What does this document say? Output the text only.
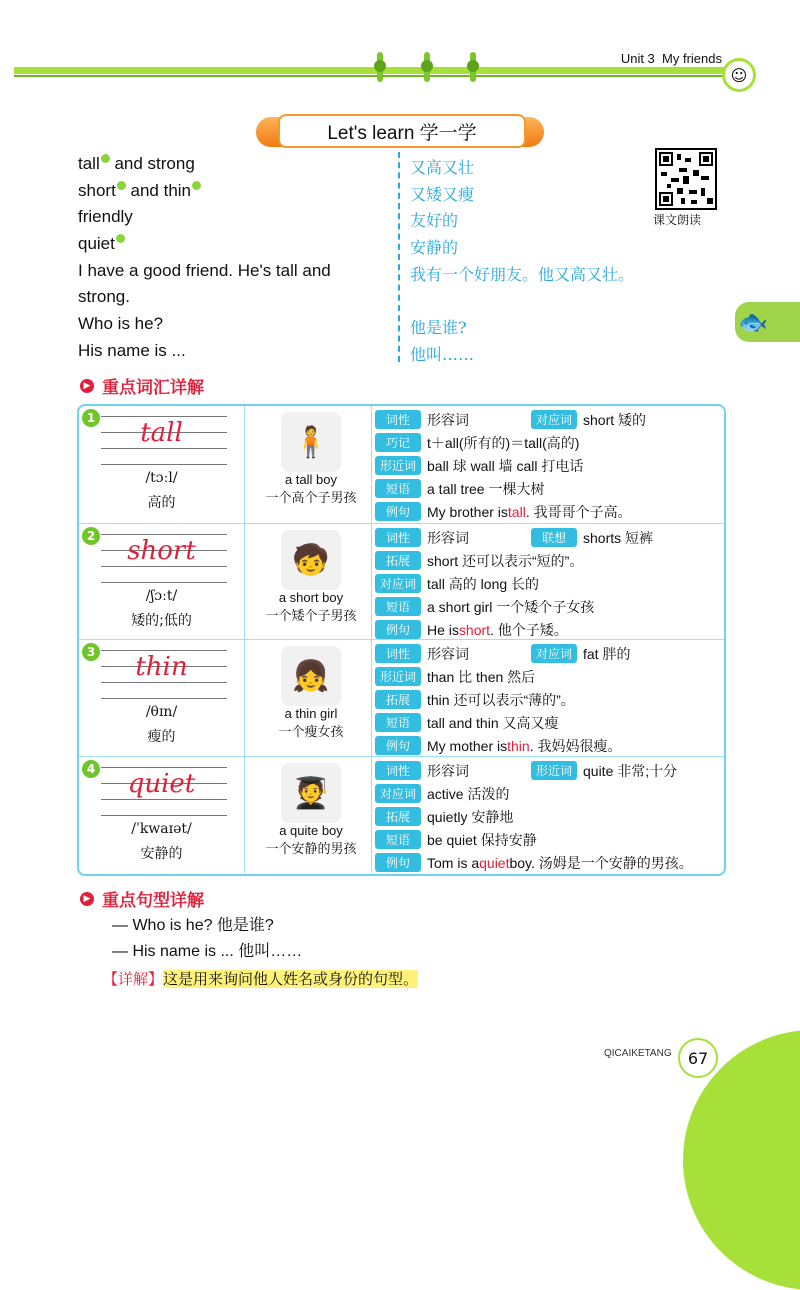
Unit 3 My friends
☺
Let's learn 学一学
tall and strong	又高又壮
short and thin	又矮又瘦
friendly	友好的
quiet	安静的
I have a good friend. He's tall and	我有一个好朋友。他又高又壮。
strong.
Who is he?	他是谁?
His name is ...	他叫……
课文朗读
🐟
▶ 重点词汇详解
1	tall
/tɔːl/
高的
🧍
a tall boy
一个高个子男孩
词性	形容词	对应词 short 矮的
巧记	t＋all(所有的)＝tall(高的)
形近词 ball 球 wall 墙 call 打电话
短语	a tall tree 一棵大树
例句	My brother is tall . 我哥哥个子高。
2	short
/ʃɔːt/
矮的;低的
🧒
a short boy
一个矮个子男孩
词性	形容词	联想	shorts 短裤
拓展	short 还可以表示“短的”。
对应词 tall 高的 long 长的
短语	a short girl 一个矮个子女孩
例句	He is short . 他个子矮。
3	thin
/θɪn/
瘦的
👧
a thin girl
一个瘦女孩
词性	形容词	对应词 fat 胖的
形近词 than 比 then 然后
拓展	thin 还可以表示“薄的”。
短语	tall and thin 又高又瘦
例句	My mother is thin . 我妈妈很瘦。
4	quiet
/ˈkwaɪət/
安静的
🧑‍🎓
a quite boy
一个安静的男孩
词性	形容词	形近词 quite 非常;十分
对应词 active 活泼的
拓展	quietly 安静地
短语	be quiet 保持安静
例句	Tom is a quiet boy. 汤姆是一个安静的男孩。
▶ 重点句型详解
— Who is he? 他是谁?
— His name is ... 他叫……
【详解】这是用来询问他人姓名或身份的句型。
QICAIKETANG	67
